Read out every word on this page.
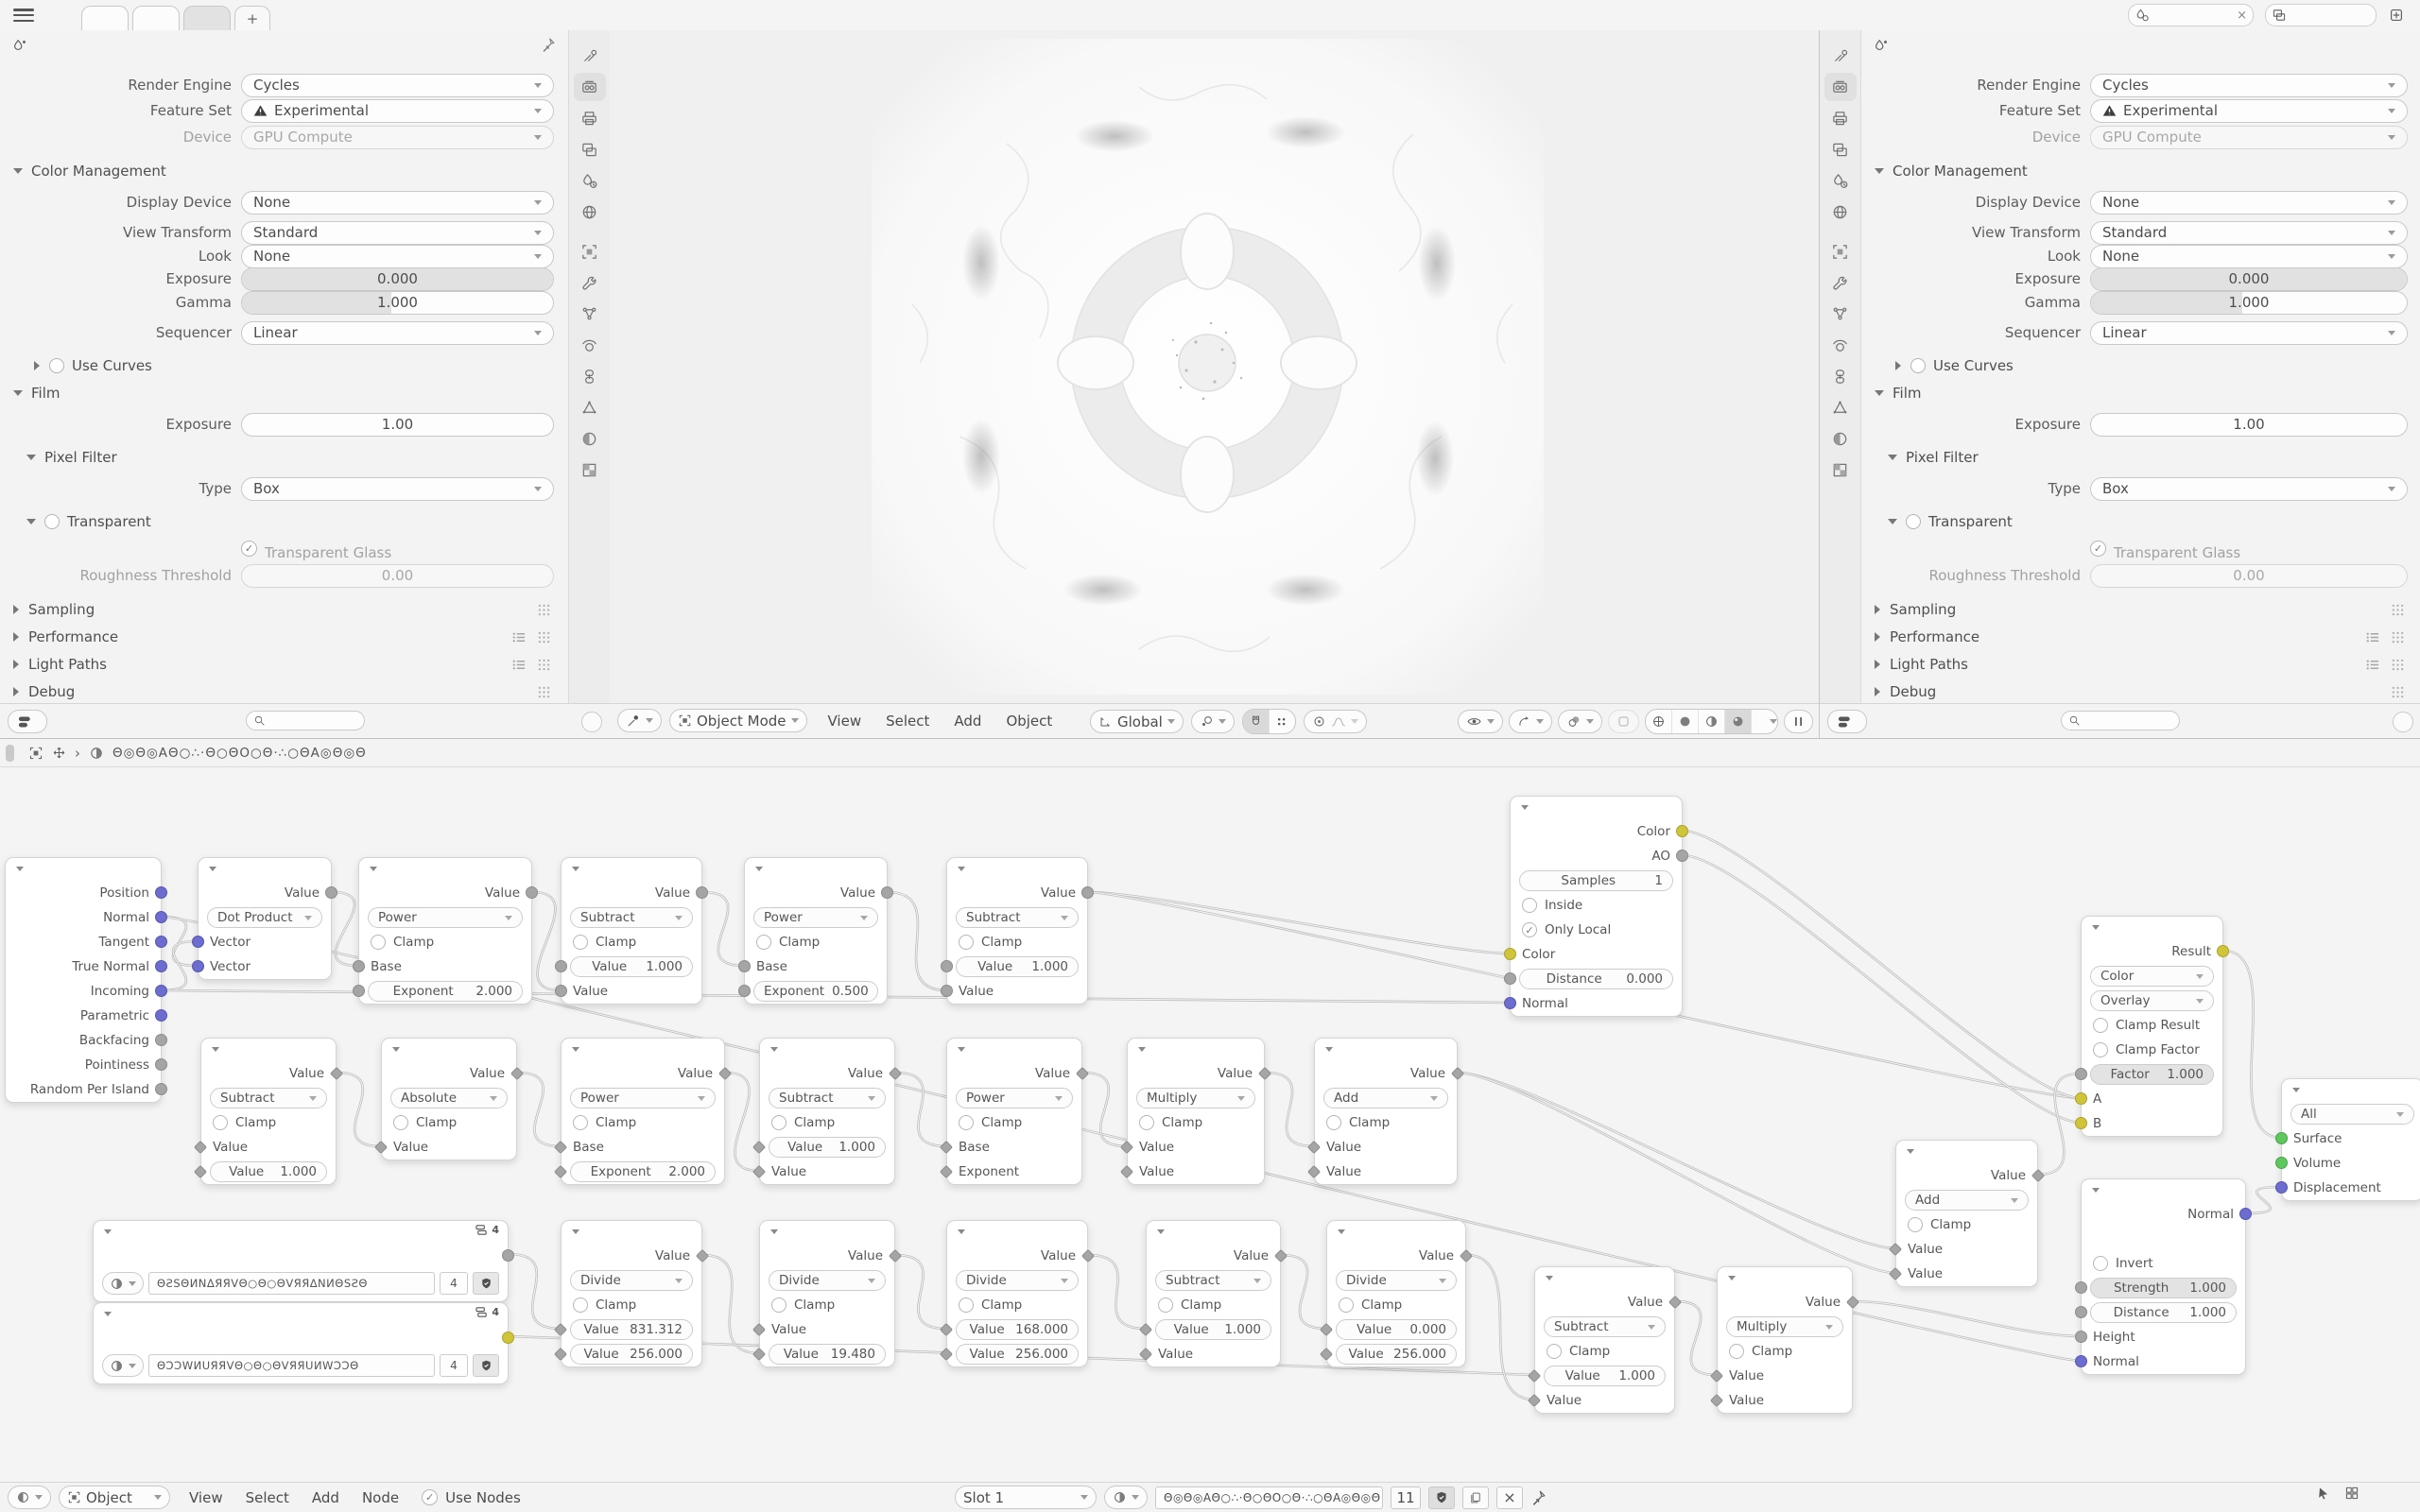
+	×
Render Engine	Cycles
Feature Set	Experimental
Device	GPU Compute
Color Management
Display Device	None
View Transform	Standard
Look	None
Exposure	0.000
Gamma	1.000
Sequencer	Linear
Use Curves
Film
Exposure	1.00
Pixel Filter
Type	Box
Transparent
✓ Transparent Glass
Roughness Threshold	0.00
Sampling
Performance
Light Paths
Debug
Object Mode	View Select Add Object	Global
Render Engine	Cycles
Feature Set	Experimental
Device	GPU Compute
Color Management
Display Device	None
View Transform	Standard
Look	None
Exposure	0.000
Gamma	1.000
Sequencer	Linear
Use Curves
Film
Exposure	1.00
Pixel Filter
Type	Box
Transparent
✓ Transparent Glass
Roughness Threshold	0.00
Sampling
Performance
Light Paths
Debug
›	Θ◎Θ◎AΘ○∴·Θ○ΘΟ○Θ·∴○ΘA◎Θ◎Θ
Position
Normal
Tangent
True Normal
Incoming
Parametric
Backfacing
Pointiness
Random Per Island
Value
Dot Product
Vector
Vector
Value
Power
Clamp
Base
Exponent	2.000
Value
Subtract
Clamp
Value	1.000
Value
Value
Power
Clamp
Base
Exponent 0.500
Value
Subtract
Clamp
Value	1.000
Value
Value
Subtract
Clamp
Value
Value	1.000
Value
Absolute
Clamp
Value
Value
Power
Clamp
Base
Exponent	2.000
Value
Subtract
Clamp
Value	1.000
Value
Value
Power
Clamp
Base
Exponent
Value
Multiply
Clamp
Value
Value
Value
Add
Clamp
Value
Value
4
ΘƧSΘИNΔЯЯVΘ○Θ○ΘVЯЯΔNИΘSƧΘ	4
4
ΘƆƆWИUЯЯVΘ○Θ○ΘVЯЯUИWƆƆΘ	4
Value
Divide
Clamp
Value 831.312
Value 256.000
Value
Divide
Clamp
Value
Value 19.480
Value
Divide
Clamp
Value 168.000
Value 256.000
Value
Subtract
Clamp
Value	1.000
Value
Value
Divide
Clamp
Value	0.000
Value 256.000
Value
Subtract
Clamp
Value	1.000
Value
Value
Multiply
Clamp
Value
Value
Value
Add
Clamp
Value
Value
Color
AO
Samples	1
Inside
✓ Only Local
Color
Distance	0.000
Normal
Result
Color
Overlay
Clamp Result
Clamp Factor
Factor	1.000
A
B
Normal
Invert
Strength	1.000
Distance	1.000
Height
Normal
All
Surface
Volume
Displacement
Object	View Select Add Node	✓ Use Nodes	Slot 1	Θ◎Θ◎AΘ○∴·Θ○ΘΟ○Θ·∴○ΘA◎Θ◎Θ	11	×
